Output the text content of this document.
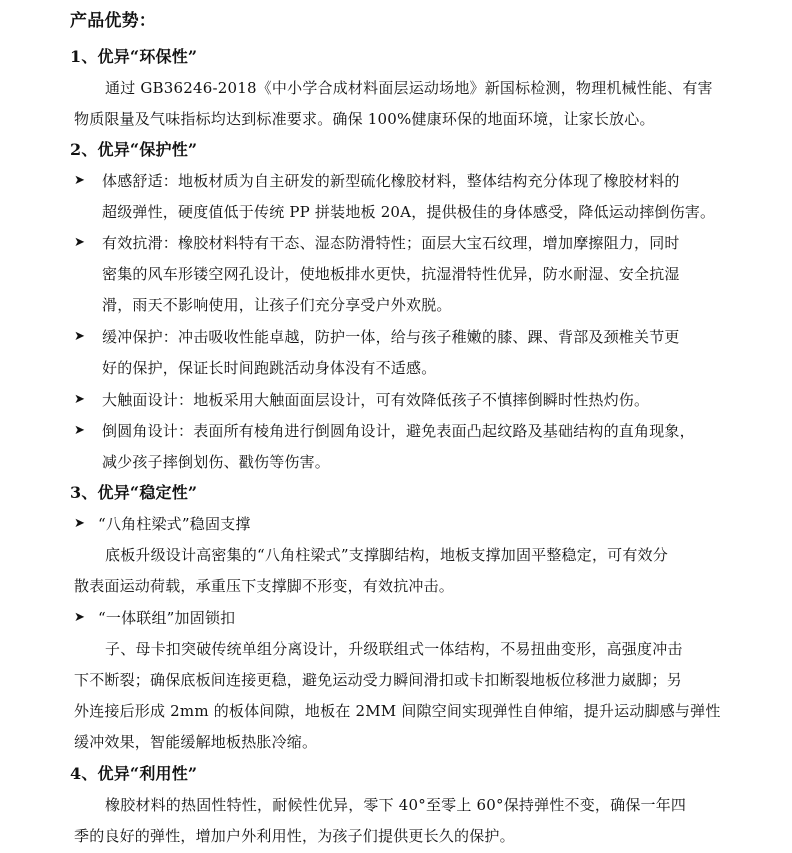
产品优势：
1、优异“环保性”
通过 GB36246-2018《中小学合成材料面层运动场地》新国标检测，物理机械性能、有害
物质限量及气味指标均达到标准要求。确保 100%健康环保的地面环境，让家长放心。
2、优异“保护性”
➤ 体感舒适：地板材质为自主研发的新型硫化橡胶材料，整体结构充分体现了橡胶材料的
超级弹性，硬度值低于传统 PP 拼装地板 20A，提供极佳的身体感受，降低运动摔倒伤害。
➤ 有效抗滑：橡胶材料特有干态、湿态防滑特性；面层大宝石纹理，增加摩擦阻力，同时
密集的风车形镂空网孔设计，使地板排水更快，抗湿滑特性优异，防水耐湿、安全抗湿
滑，雨天不影响使用，让孩子们充分享受户外欢脱。
➤ 缓冲保护：冲击吸收性能卓越，防护一体，给与孩子稚嫩的膝、踝、背部及颈椎关节更
好的保护，保证长时间跑跳活动身体没有不适感。
➤ 大触面设计：地板采用大触面面层设计，可有效降低孩子不慎摔倒瞬时性热灼伤。
➤ 倒圆角设计：表面所有棱角进行倒圆角设计，避免表面凸起纹路及基础结构的直角现象，
减少孩子摔倒划伤、戳伤等伤害。
3、优异“稳定性”
➤ “八角柱梁式”稳固支撑
底板升级设计高密集的“八角柱梁式”支撑脚结构，地板支撑加固平整稳定，可有效分
散表面运动荷载，承重压下支撑脚不形变，有效抗冲击。
➤ “一体联组”加固锁扣
子、母卡扣突破传统单组分离设计，升级联组式一体结构，不易扭曲变形，高强度冲击
下不断裂；确保底板间连接更稳，避免运动受力瞬间滑扣或卡扣断裂地板位移泄力崴脚；另
外连接后形成 2mm 的板体间隙，地板在 2MM 间隙空间实现弹性自伸缩，提升运动脚感与弹性
缓冲效果，智能缓解地板热胀冷缩。
4、优异“利用性”
橡胶材料的热固性特性，耐候性优异，零下 40°至零上 60°保持弹性不变，确保一年四
季的良好的弹性，增加户外利用性，为孩子们提供更长久的保护。
